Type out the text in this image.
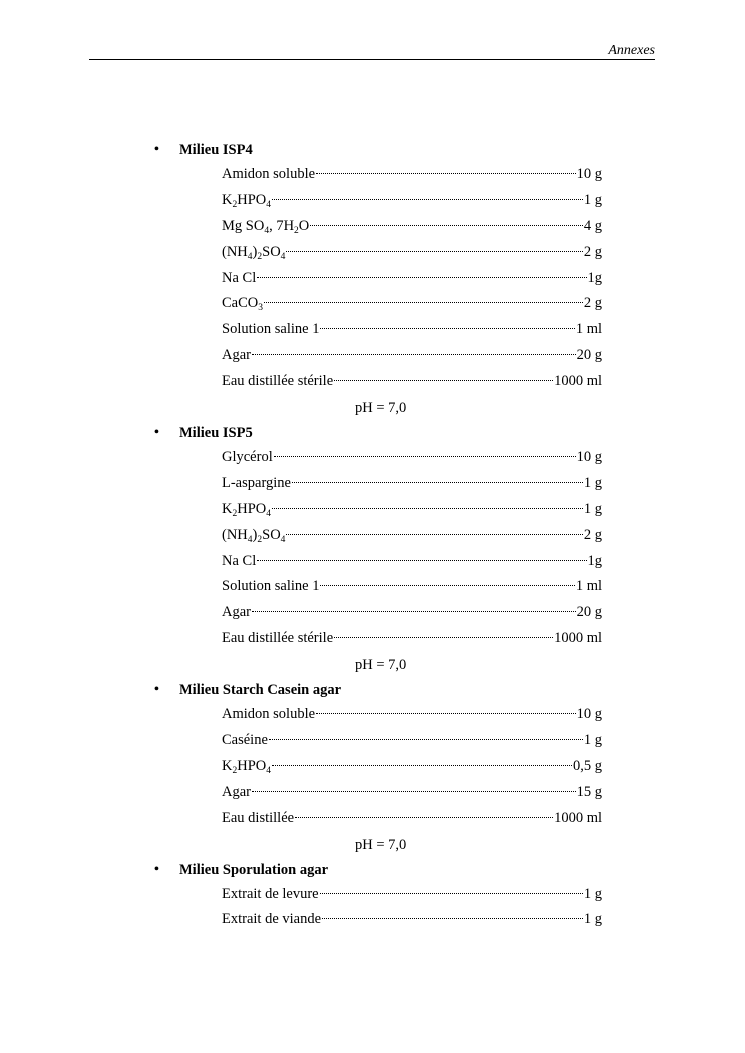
Annexes
• Milieu ISP4
Amidon soluble	10 g
$K_2HPO_4$	1 g
Mg $SO_4$, $7H_2O$	4 g
$(NH_4)_2SO_4$	2 g
Na Cl	1g
CaCO$_3$	2 g
Solution saline 1	1 ml
Agar	20 g
Eau distillée stérile	1000 ml
pH = 7,0
• Milieu ISP5
Glycérol	10 g
L-aspargine	1 g
$K_2HPO_4$	1 g
$(NH_4)_2SO_4$	2 g
Na Cl	1g
Solution saline 1	1 ml
Agar	20 g
Eau distillée stérile	1000 ml
pH = 7,0
• Milieu Starch Casein agar
Amidon soluble	10 g
Caséine	1 g
$K_2HPO_4$	0,5 g
Agar	15 g
Eau distillée	1000 ml
pH = 7,0
• Milieu Sporulation agar
Extrait de levure	1 g
Extrait de viande	1 g
